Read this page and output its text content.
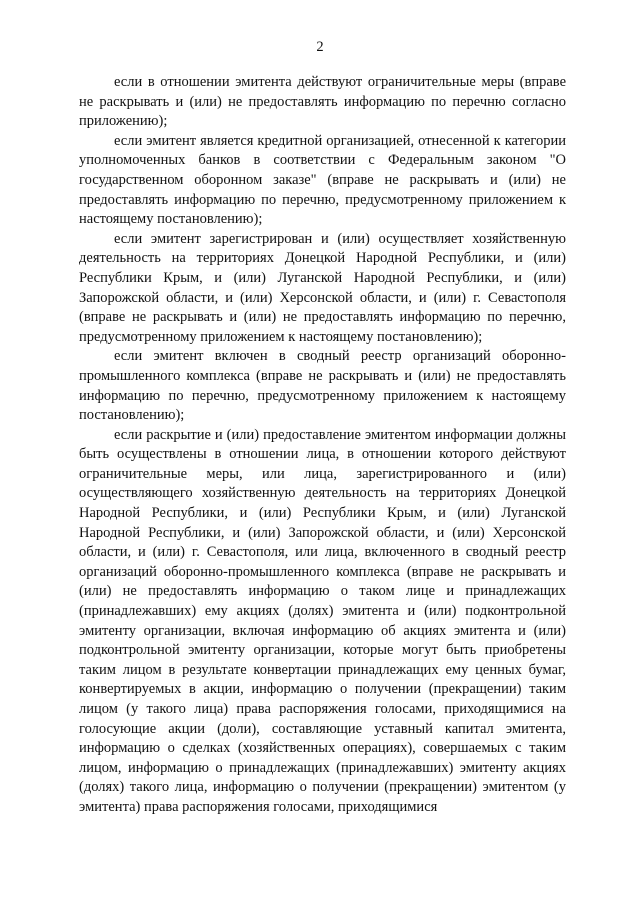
2

если в отношении эмитента действуют ограничительные меры (вправе не раскрывать и (или) не предоставлять информацию по перечню согласно приложению);

если эмитент является кредитной организацией, отнесенной к категории уполномоченных банков в соответствии с Федеральным законом "О государственном оборонном заказе" (вправе не раскрывать и (или) не предоставлять информацию по перечню, предусмотренному приложением к настоящему постановлению);

если эмитент зарегистрирован и (или) осуществляет хозяйственную деятельность на территориях Донецкой Народной Республики, и (или) Республики Крым, и (или) Луганской Народной Республики, и (или) Запорожской области, и (или) Херсонской области, и (или) г. Севастополя (вправе не раскрывать и (или) не предоставлять информацию по перечню, предусмотренному приложением к настоящему постановлению);

если эмитент включен в сводный реестр организаций оборонно-промышленного комплекса (вправе не раскрывать и (или) не предоставлять информацию по перечню, предусмотренному приложением к настоящему постановлению);

если раскрытие и (или) предоставление эмитентом информации должны быть осуществлены в отношении лица, в отношении которого действуют ограничительные меры, или лица, зарегистрированного и (или) осуществляющего хозяйственную деятельность на территориях Донецкой Народной Республики, и (или) Республики Крым, и (или) Луганской Народной Республики, и (или) Запорожской области, и (или) Херсонской области, и (или) г. Севастополя, или лица, включенного в сводный реестр организаций оборонно-промышленного комплекса (вправе не раскрывать и (или) не предоставлять информацию о таком лице и принадлежащих (принадлежавших) ему акциях (долях) эмитента и (или) подконтрольной эмитенту организации, включая информацию об акциях эмитента и (или) подконтрольной эмитенту организации, которые могут быть приобретены таким лицом в результате конвертации принадлежащих ему ценных бумаг, конвертируемых в акции, информацию о получении (прекращении) таким лицом (у такого лица) права распоряжения голосами, приходящимися на голосующие акции (доли), составляющие уставный капитал эмитента, информацию о сделках (хозяйственных операциях), совершаемых с таким лицом, информацию о принадлежащих (принадлежавших) эмитенту акциях (долях) такого лица, информацию о получении (прекращении) эмитентом (у эмитента) права распоряжения голосами, приходящимися
